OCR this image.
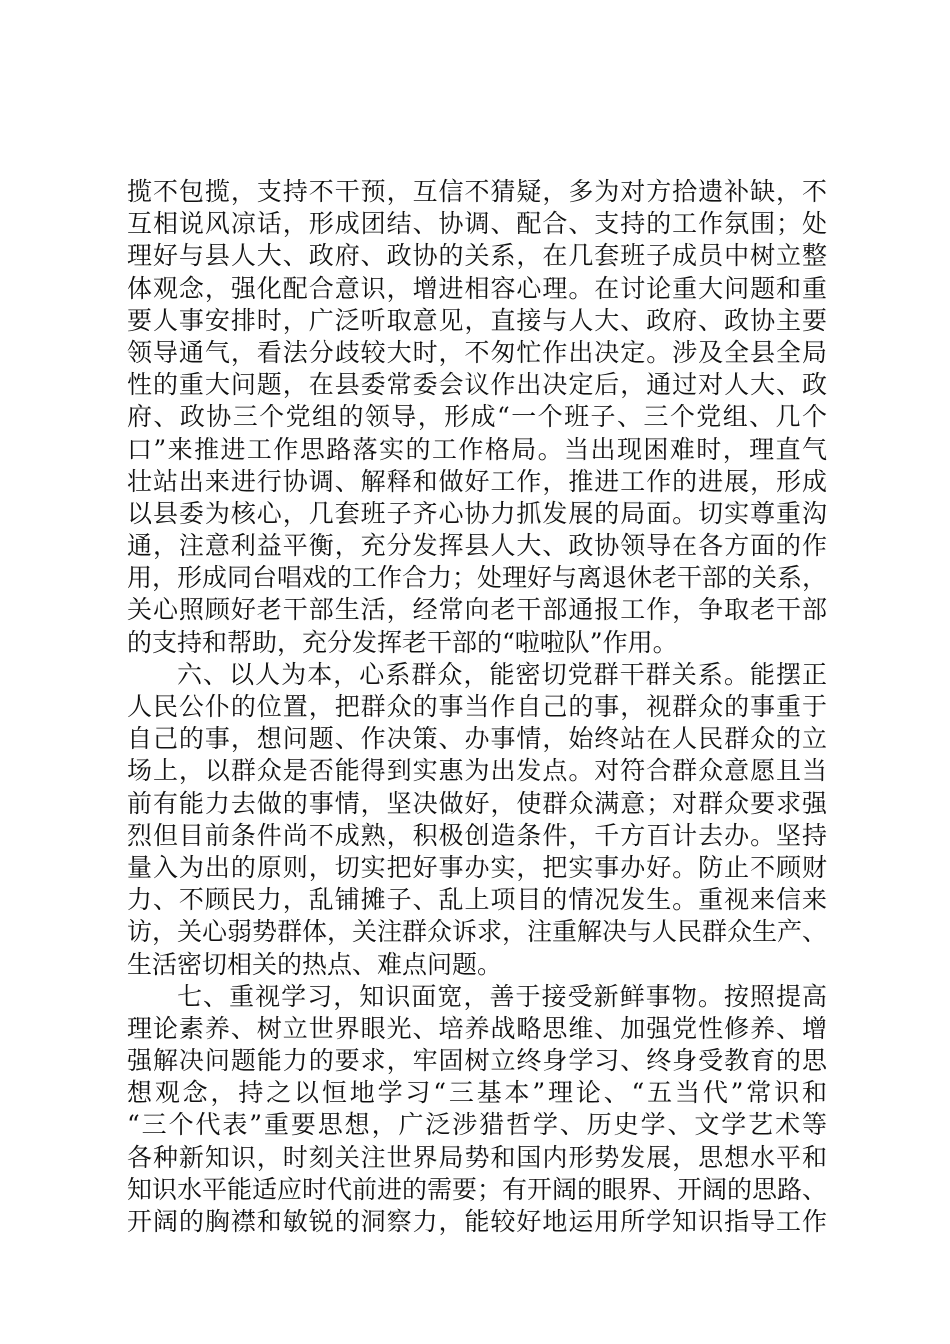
揽不包揽，支持不干预，互信不猜疑，多为对方拾遗补缺，不
互相说风凉话，形成团结、协调、配合、支持的工作氛围；处
理好与县人大、政府、政协的关系，在几套班子成员中树立整
体观念，强化配合意识，增进相容心理。在讨论重大问题和重
要人事安排时，广泛听取意见，直接与人大、政府、政协主要
领导通气，看法分歧较大时，不匆忙作出决定。涉及全县全局
性的重大问题，在县委常委会议作出决定后，通过对人大、政
府、政协三个党组的领导，形成“一个班子、三个党组、几个
口”来推进工作思路落实的工作格局。当出现困难时，理直气
壮站出来进行协调、解释和做好工作，推进工作的进展，形成
以县委为核心，几套班子齐心协力抓发展的局面。切实尊重沟
通，注意利益平衡，充分发挥县人大、政协领导在各方面的作
用，形成同台唱戏的工作合力；处理好与离退休老干部的关系，
关心照顾好老干部生活，经常向老干部通报工作，争取老干部
的支持和帮助，充分发挥老干部的“啦啦队”作用。
六、以人为本，心系群众，能密切党群干群关系。能摆正
人民公仆的位置，把群众的事当作自己的事，视群众的事重于
自己的事，想问题、作决策、办事情，始终站在人民群众的立
场上，以群众是否能得到实惠为出发点。对符合群众意愿且当
前有能力去做的事情，坚决做好，使群众满意；对群众要求强
烈但目前条件尚不成熟，积极创造条件，千方百计去办。坚持
量入为出的原则，切实把好事办实，把实事办好。防止不顾财
力、不顾民力，乱铺摊子、乱上项目的情况发生。重视来信来
访，关心弱势群体，关注群众诉求，注重解决与人民群众生产、
生活密切相关的热点、难点问题。
七、重视学习，知识面宽，善于接受新鲜事物。按照提高
理论素养、树立世界眼光、培养战略思维、加强党性修养、增
强解决问题能力的要求，牢固树立终身学习、终身受教育的思
想观念，持之以恒地学习“三基本”理论、“五当代”常识和
“三个代表”重要思想，广泛涉猎哲学、历史学、文学艺术等
各种新知识，时刻关注世界局势和国内形势发展，思想水平和
知识水平能适应时代前进的需要；有开阔的眼界、开阔的思路、
开阔的胸襟和敏锐的洞察力，能较好地运用所学知识指导工作
